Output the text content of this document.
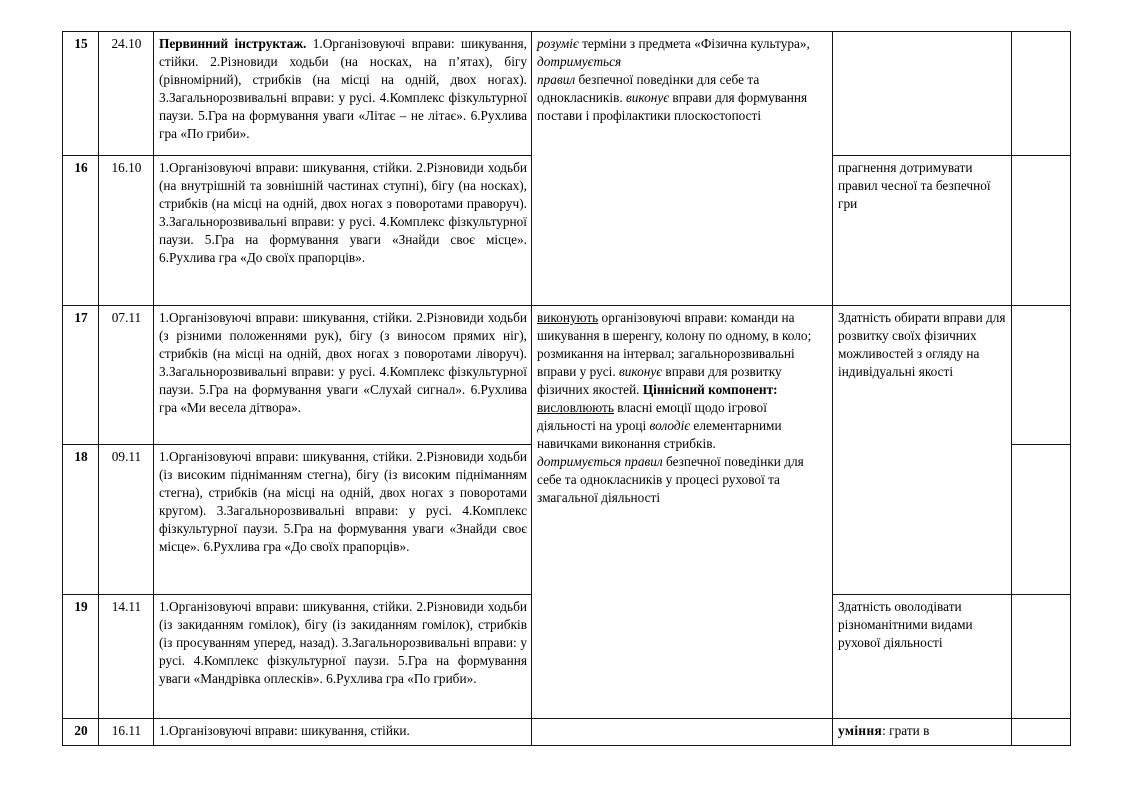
15	24.10	Первинний інструктаж. 1.Організовуючі вправи: шикування, стійки. 2.Різновиди ходьби (на носках, на п’ятах), бігу (рівномірний), стрибків (на місці на одній, двох ногах). 3.Загальнорозвивальні вправи: у русі. 4.Комплекс фізкультурної паузи. 5.Гра на формування уваги «Літає – не літає». 6.Рухлива гра «По гриби».	розуміє терміни з предмета «Фізична культура», дотримується
правил безпечної поведінки для себе та однокласників. виконує вправи для формування постави і профілактики плоскостопості		
16	16.10	1.Організовуючі вправи: шикування, стійки. 2.Різновиди ходьби (на внутрішній та зовнішній частинах ступні), бігу (на носках), стрибків (на місці на одній, двох ногах з поворотами праворуч). 3.Загальнорозвивальні вправи: у русі. 4.Комплекс фізкультурної паузи. 5.Гра на формування уваги «Знайди своє місце». 6.Рухлива гра «До своїх прапорців».		прагнення дотримувати правил чесної та безпечної гри	
17	07.11	1.Організовуючі вправи: шикування, стійки. 2.Різновиди ходьби (з різними положеннями рук), бігу (з виносом прямих ніг), стрибків (на місці на одній, двох ногах з поворотами ліворуч). 3.Загальнорозвивальні вправи: у русі. 4.Комплекс фізкультурної паузи. 5.Гра на формування уваги «Слухай сигнал». 6.Рухлива гра «Ми весела дітвора».	виконують організовуючі вправи: команди на шикування в шеренгу, колону по одному, в коло; розмикання на інтервал; загальнорозвивальні вправи у русі. виконує вправи для розвитку фізичних якостей. Ціннісний компонент: висловлюють власні емоції щодо ігрової діяльності на уроці володіє елементарними навичками виконання стрибків.
дотримується правил безпечної поведінки для себе та однокласників у процесі рухової та змагальної діяльності	Здатність обирати вправи для розвитку своїх фізичних можливостей з огляду на індивідуальні якості	
18	09.11	1.Організовуючі вправи: шикування, стійки. 2.Різновиди ходьби (із високим підніманням стегна), бігу (із високим підніманням стегна), стрибків (на місці на одній, двох ногах з поворотами кругом). 3.Загальнорозвивальні вправи: у русі. 4.Комплекс фізкультурної паузи. 5.Гра на формування уваги «Знайди своє місце». 6.Рухлива гра «До своїх прапорців».			
19	14.11	1.Організовуючі вправи: шикування, стійки. 2.Різновиди ходьби (із закиданням гомілок), бігу (із закиданням гомілок), стрибків (із просуванням уперед, назад). 3.Загальнорозвивальні вправи: у русі. 4.Комплекс фізкультурної паузи. 5.Гра на формування уваги «Мандрівка оплесків». 6.Рухлива гра «По гриби».		Здатність оволодівати різноманітними видами рухової діяльності	
20	16.11	1.Організовуючі вправи: шикування, стійки.		уміння: грати в	
